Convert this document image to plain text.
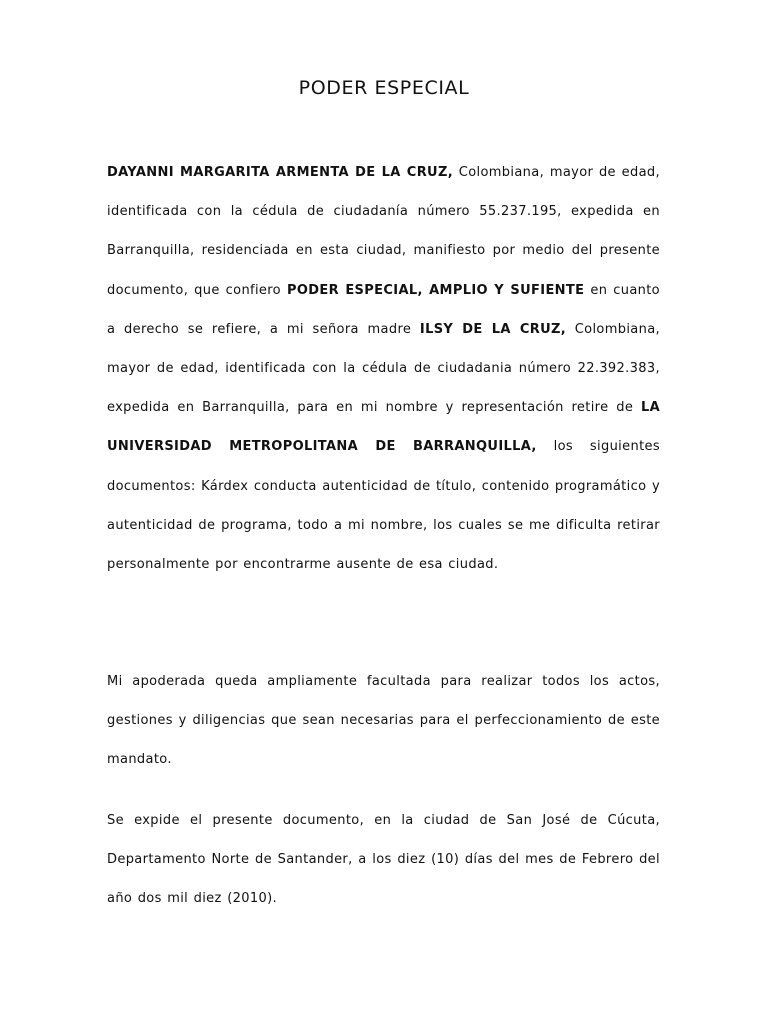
PODER ESPECIAL

DAYANNI MARGARITA ARMENTA DE LA CRUZ, Colombiana, mayor de edad, identificada con la cédula de ciudadanía número 55.237.195, expedida en Barranquilla, residenciada en esta ciudad, manifiesto por medio del presente documento, que confiero PODER ESPECIAL, AMPLIO Y SUFIENTE en cuanto a derecho se refiere, a mi señora madre ILSY DE LA CRUZ, Colombiana, mayor de edad, identificada con la cédula de ciudadania número 22.392.383, expedida en Barranquilla, para en mi nombre y representación retire de LA UNIVERSIDAD METROPOLITANA DE BARRANQUILLA, los siguientes documentos: Kárdex conducta autenticidad de título, contenido programático y autenticidad de programa, todo a mi nombre, los cuales se me dificulta retirar personalmente por encontrarme ausente de esa ciudad.

Mi apoderada queda ampliamente facultada para realizar todos los actos, gestiones y diligencias que sean necesarias para el perfeccionamiento de este mandato.

Se expide el presente documento, en la ciudad de San José de Cúcuta, Departamento Norte de Santander, a los diez (10) días del mes de Febrero del año dos mil diez (2010).
